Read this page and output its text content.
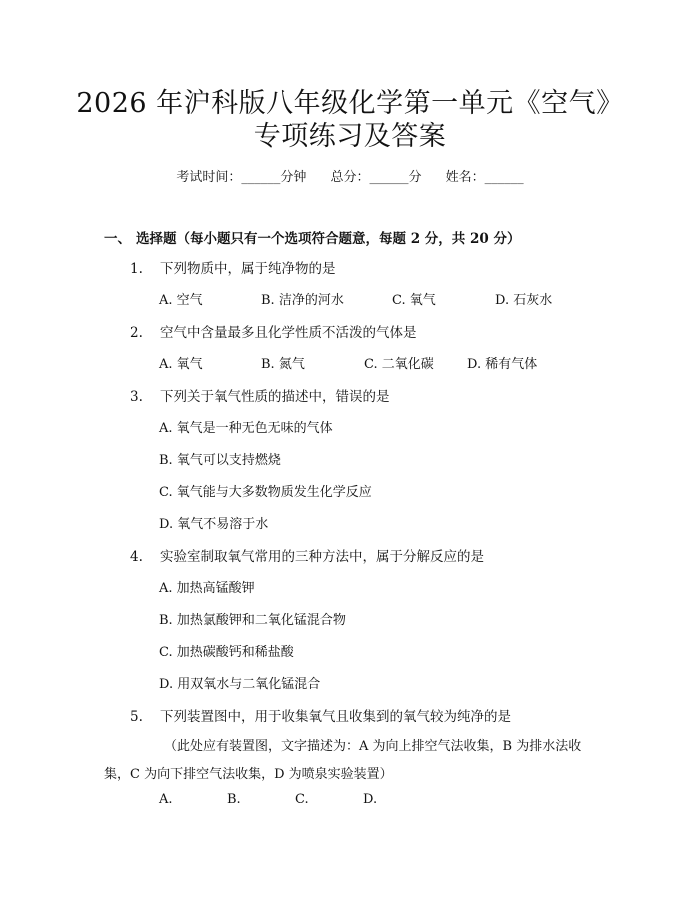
2026 年沪科版八年级化学第一单元《空气》
专项练习及答案
考试时间：______分钟 总分：______分 姓名：______
一、 选择题（每小题只有一个选项符合题意，每题 2 分，共 20 分）
1. 下列物质中，属于纯净物的是
A. 空气	B. 洁净的河水	C. 氧气	D. 石灰水
2. 空气中含量最多且化学性质不活泼的气体是
A. 氧气	B. 氮气	C. 二氧化碳	D. 稀有气体
3. 下列关于氧气性质的描述中，错误的是
A. 氧气是一种无色无味的气体
B. 氧气可以支持燃烧
C. 氧气能与大多数物质发生化学反应
D. 氧气不易溶于水
4. 实验室制取氧气常用的三种方法中，属于分解反应的是
A. 加热高锰酸钾
B. 加热氯酸钾和二氧化锰混合物
C. 加热碳酸钙和稀盐酸
D. 用双氧水与二氧化锰混合
5. 下列装置图中，用于收集氧气且收集到的氧气较为纯净的是
（此处应有装置图，文字描述为：A 为向上排空气法收集，B 为排水法收集，C 为向下排空气法收集，D 为喷泉实验装置）
A.	B.	C.	D.
